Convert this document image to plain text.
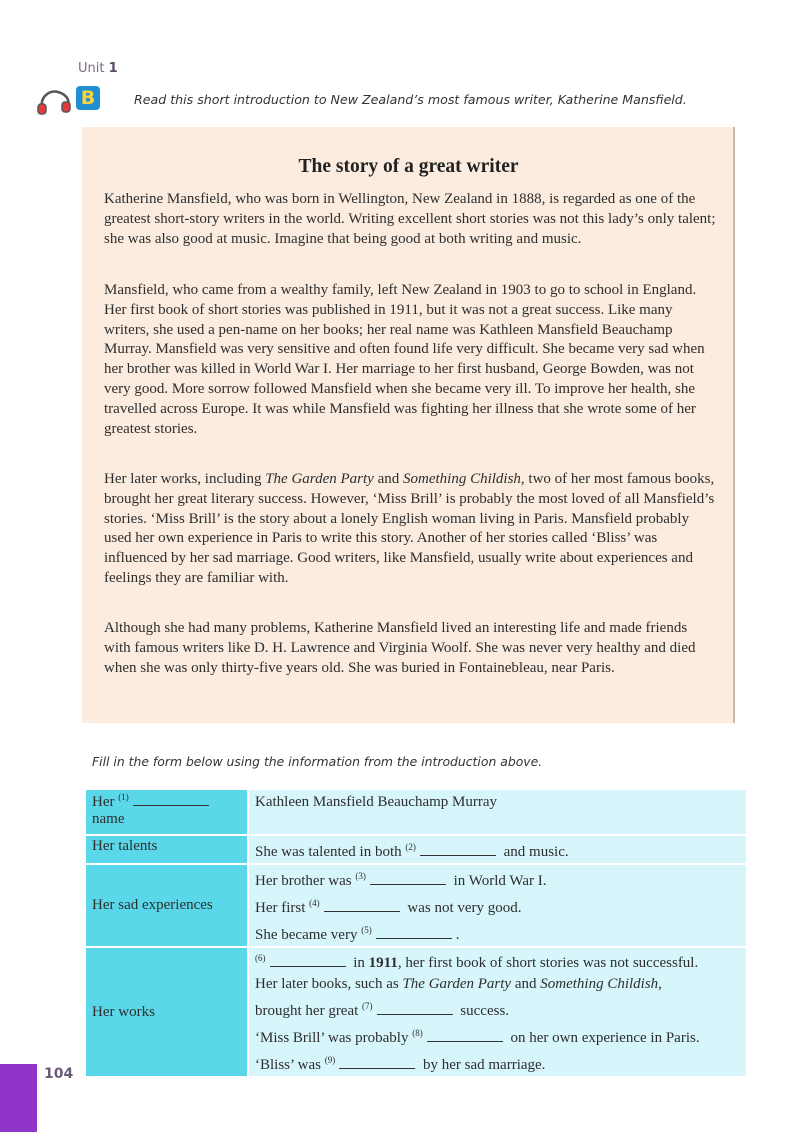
Unit 1
B	Read this short introduction to New Zealand’s most famous writer, Katherine Mansfield.
The story of a great writer

Katherine Mansfield, who was born in Wellington, New Zealand in 1888, is regarded as one of the greatest short-story writers in the world. Writing excellent short stories was not this lady’s only talent; she was also good at music. Imagine that being good at both writing and music.

Mansfield, who came from a wealthy family, left New Zealand in 1903 to go to school in England. Her first book of short stories was published in 1911, but it was not a great success. Like many writers, she used a pen-name on her books; her real name was Kathleen Mansfield Beauchamp Murray. Mansfield was very sensitive and often found life very difficult. She became very sad when her brother was killed in World War I. Her marriage to her first husband, George Bowden, was not very good. More sorrow followed Mansfield when she became very ill. To improve her health, she travelled across Europe. It was while Mansfield was fighting her illness that she wrote some of her greatest stories.

Her later works, including The Garden Party and Something Childish, two of her most famous books, brought her great literary success. However, ‘Miss Brill’ is probably the most loved of all Mansfield’s stories. ‘Miss Brill’ is the story about a lonely English woman living in Paris. Mansfield probably used her own experience in Paris to write this story. Another of her stories called ‘Bliss’ was influenced by her sad marriage. Good writers, like Mansfield, usually write about experiences and feelings they are familiar with.

Although she had many problems, Katherine Mansfield lived an interesting life and made friends with famous writers like D. H. Lawrence and Virginia Woolf. She was never very healthy and died when she was only thirty-five years old. She was buried in Fontainebleau, near Paris.

Fill in the form below using the information from the introduction above.
Her $^{(1)}$
name	Kathleen Mansfield Beauchamp Murray

Her talents	She was talented in both $^{(2)}$ and music.

Her sad experiences	Her brother was $^{(3)}$ in World War I.
Her first $^{(4)}$ was not very good.
She became very $^{(5)}$ .

Her works	$^{(6)}$ in 1911, her first book of short stories was not successful.
Her later books, such as The Garden Party and Something Childish,
brought her great $^{(7)}$ success.
‘Miss Brill’ was probably $^{(8)}$ on her own experience in Paris.
‘Bliss’ was $^{(9)}$ by her sad marriage.
104
